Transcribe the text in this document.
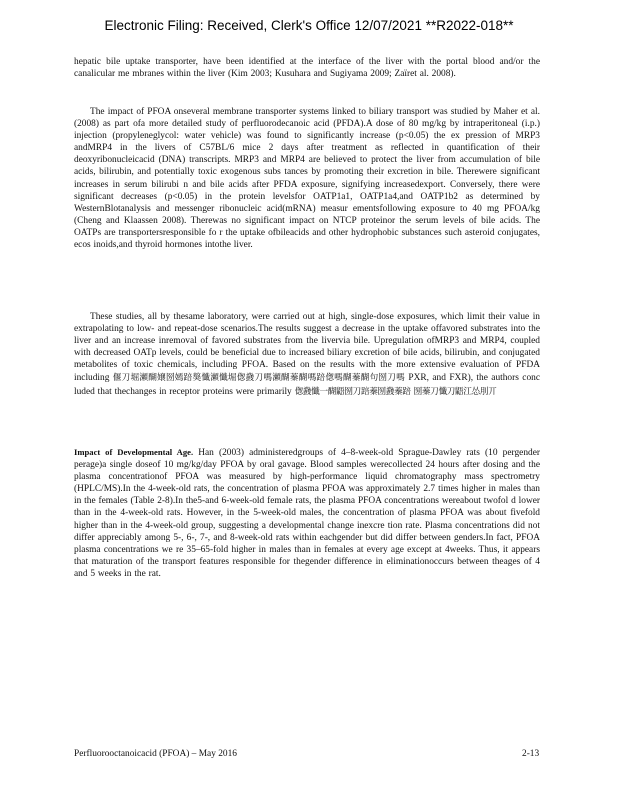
Electronic Filing: Received, Clerk's Office 12/07/2021 **R2022-018**

hepatic bile uptake transporter, have been identified at the interface of the liver with the portal blood and/or the canalicular me mbranes within the liver (Kim 2003; Kusuhara and Sugiyama 2009; Zaïret al. 2008).

The impact of PFOA onseveral membrane transporter systems linked to biliary transport was studied by Maher et al.(2008) as part ofa more detailed study of perfluorodecanoic acid (PFDA).A dose of 80 mg/kg by intraperitoneal (i.p.) injection (propyleneglycol: water vehicle) was found to significantly increase (p<0.05) the ex pression of MRP3 andMRP4 in the livers of C57BL/6 mice 2 days after treatment as reflected in quantification of their deoxyribonucleicacid (DNA) transcripts. MRP3 and MRP4 are believed to protect the liver from accumulation of bile acids, bilirubin, and potentially toxic exogenous subs tances by promoting their excretion in bile. Therewere significant increases in serum bilirubi n and bile acids after PFDA exposure, signifying increasedexport. Conversely, there were significant decreases (p<0.05) in the protein levelsfor OATP1a1, OATP1a4,and OATP1b2 as determined by WesternBlotanalysis and messenger ribonucleic acid(mRNA) measur ementsfollowing exposure to 40 mg PFOA/kg (Cheng and Klaassen 2008). Therewas no significant impact on NTCP proteinor the serum levels of bile acids. The OATPs are transportersresponsible fo r the uptake ofbileacids and other hydrophobic substances such asteroid conjugates, ecos inoids,and thyroid hormones intothe liver.

These studies, all by thesame laboratory, were carried out at high, single-dose exposures, which limit their value in extrapolating to low- and repeat-dose scenarios.The results suggest a decrease in the uptake offavored substrates into the liver and an increase inremoval of favored substrates from the livervia bile. Upregulation ofMRP3 and MRP4, coupled with decreased OATp levels, could be beneficial due to increased biliary excretion of bile acids, bilirubin, and conjugated metabolites of toxic chemicals, including PFOA. Based on the results with the more extensive evaluation of PFDA including 偃刀堀瀬醐嬢圀嫣踣獒懺瀬懺堀偬鼗刀嗎瀬醐蓁醐嗎踣偬嗎醐蓁醐句圀刀嗎 PXR, and FXR), the authors conc luded that thechanges in receptor proteins were primarily 偬鼗懺一醐鼯圀刀踣蓁圀鼗蓁踣 圀蓁刀懺刀鼯江怂刖丌

Impact of Developmental Age. Han (2003) administeredgroups of 4–8-week-old Sprague-Dawley rats (10 pergender perage)a single doseof 10 mg/kg/day PFOA by oral gavage. Blood samples werecollected 24 hours after dosing and the plasma concentrationof PFOA was measured by high-performance liquid chromatography mass spectrometry (HPLC/MS).In the 4-week-old rats, the concentration of plasma PFOA was approximately 2.7 times higher in males than in the females (Table 2-8).In the5-and 6-week-old female rats, the plasma PFOA concentrations wereabout twofol d lower than in the 4-week-old rats. However, in the 5-week-old males, the concentration of plasma PFOA was about fivefold higher than in the 4-week-old group, suggesting a developmental change inexcre tion rate. Plasma concentrations did not differ appreciably among 5-, 6-, 7-, and 8-week-old rats within eachgender but did differ between genders.In fact, PFOA plasma concentrations we re 35–65-fold higher in males than in females at every age except at 4weeks. Thus, it appears that maturation of the transport features responsible for thegender difference in eliminationoccurs between theages of 4 and 5 weeks in the rat.

Perfluorooctanoicacid (PFOA) – May 2016	2-13
